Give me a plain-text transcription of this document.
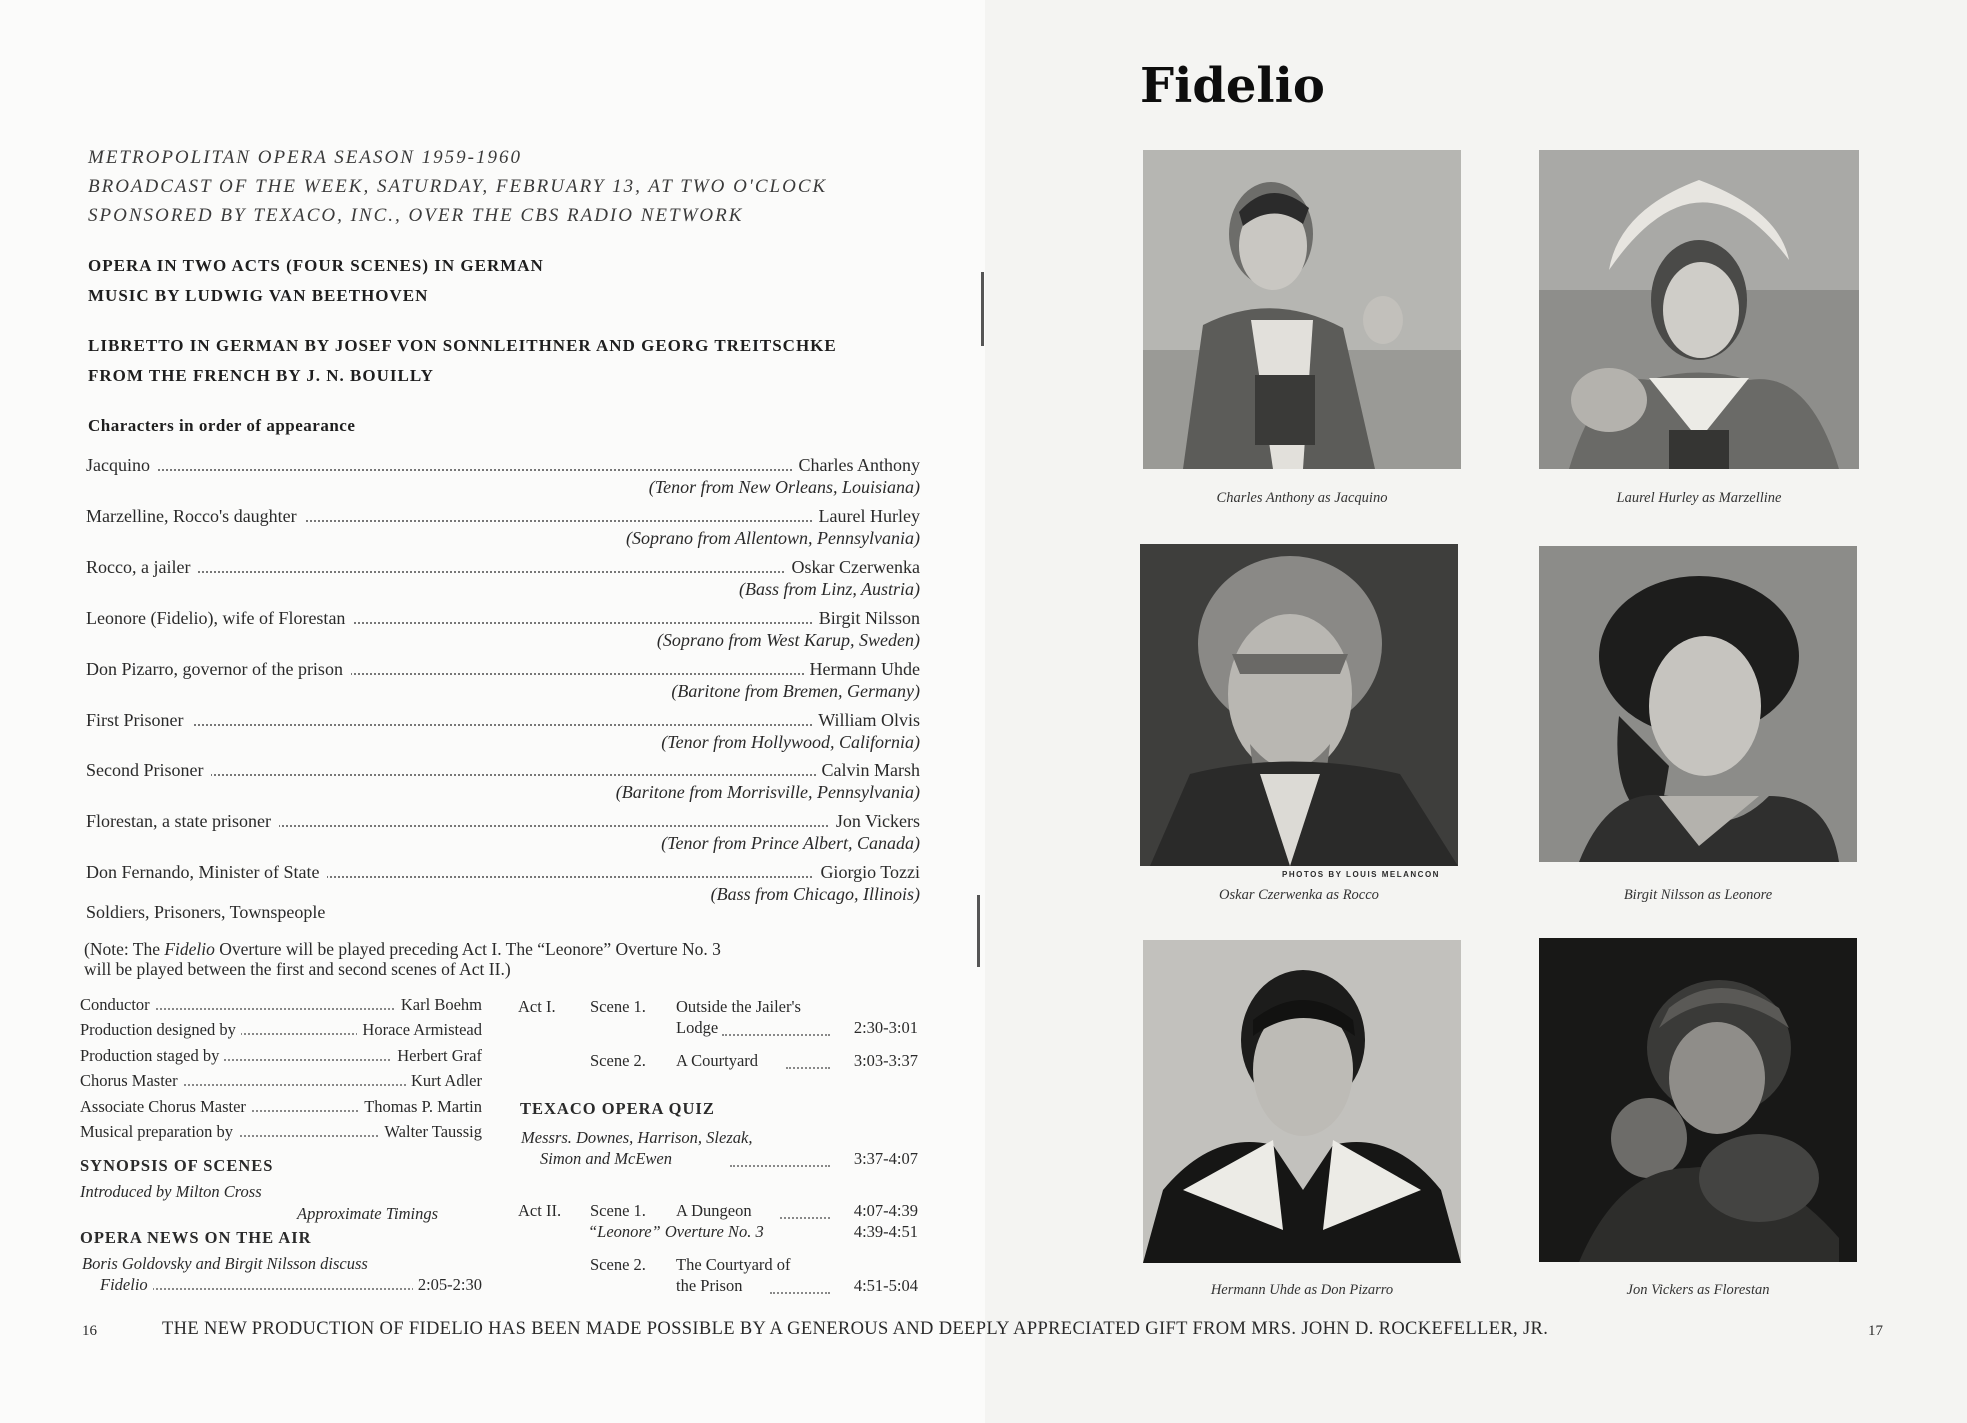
METROPOLITAN OPERA SEASON 1959-1960
BROADCAST OF THE WEEK, SATURDAY, FEBRUARY 13, AT TWO O'CLOCK
SPONSORED BY TEXACO, INC., OVER THE CBS RADIO NETWORK
OPERA IN TWO ACTS (FOUR SCENES) IN GERMAN
MUSIC BY LUDWIG VAN BEETHOVEN
LIBRETTO IN GERMAN BY JOSEF VON SONNLEITHNER AND GEORG TREITSCHKE
FROM THE FRENCH BY J. N. BOUILLY
Characters in order of appearance
Jacquino	Charles Anthony
(Tenor from New Orleans, Louisiana)
Marzelline, Rocco's daughter	Laurel Hurley
(Soprano from Allentown, Pennsylvania)
Rocco, a jailer	Oskar Czerwenka
(Bass from Linz, Austria)
Leonore (Fidelio), wife of Florestan	Birgit Nilsson
(Soprano from West Karup, Sweden)
Don Pizarro, governor of the prison	Hermann Uhde
(Baritone from Bremen, Germany)
First Prisoner	William Olvis
(Tenor from Hollywood, California)
Second Prisoner	Calvin Marsh
(Baritone from Morrisville, Pennsylvania)
Florestan, a state prisoner	Jon Vickers
(Tenor from Prince Albert, Canada)
Don Fernando, Minister of State	Giorgio Tozzi
(Bass from Chicago, Illinois)
Soldiers, Prisoners, Townspeople
(Note: The Fidelio Overture will be played preceding Act I. The “Leonore” Overture No. 3
will be played between the first and second scenes of Act II.)
Conductor	Karl Boehm
Production designed by	Horace Armistead
Production staged by	Herbert Graf
Chorus Master	Kurt Adler
Associate Chorus Master	Thomas P. Martin
Musical preparation by	Walter Taussig
SYNOPSIS OF SCENES
Introduced by Milton Cross
Approximate Timings
OPERA NEWS ON THE AIR
Boris Goldovsky and Birgit Nilsson discuss
Fidelio	2:05-2:30
Act I. Scene 1. Outside the Jailer's
Lodge	2:30-3:01
Scene 2. A Courtyard	3:03-3:37
TEXACO OPERA QUIZ
Messrs. Downes, Harrison, Slezak,
Simon and McEwen	3:37-4:07
Act II. Scene 1. A Dungeon	4:07-4:39
“Leonore” Overture No. 3	4:39-4:51
Scene 2. The Courtyard of
the Prison	4:51-5:04
16	THE NEW PRODUCTION OF FIDELIO HAS BEEN MADE POSSIBLE BY A GENEROUS AND DEEPLY APPRECIATED GIFT FROM MRS. JOHN D. ROCKEFELLER, JR.	17
Fidelio
Charles Anthony as Jacquino	Laurel Hurley as Marzelline
PHOTOS BY LOUIS MELANCON
Oskar Czerwenka as Rocco	Birgit Nilsson as Leonore
Hermann Uhde as Don Pizarro	Jon Vickers as Florestan
